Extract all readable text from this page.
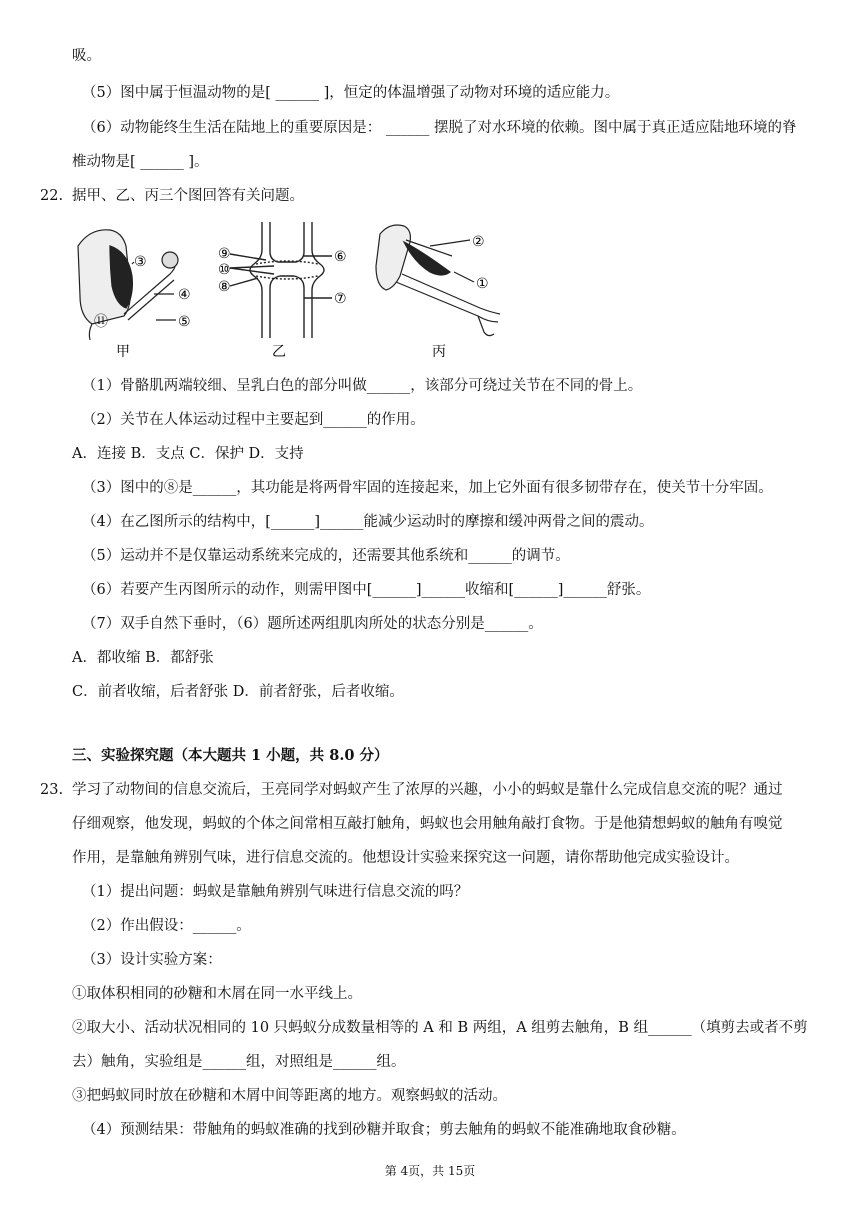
吸。
（5）图中属于恒温动物的是[ ______ ]，恒定的体温增强了动物对环境的适应能力。
（6）动物能终生生活在陆地上的重要原因是： ______ 摆脱了对水环境的依赖。图中属于真正适应陆地环境的脊
椎动物是[ ______ ]。
22. 据甲、乙、丙三个图回答有关问题。
③
④
⑤
⑪
甲
⑨
⑩
⑧
⑥
⑦
乙
②
①
丙
（1）骨骼肌两端较细、呈乳白色的部分叫做______，该部分可绕过关节在不同的骨上。
（2）关节在人体运动过程中主要起到______的作用。
A．连接 B．支点 C．保护 D．支持
（3）图中的⑧是______，其功能是将两骨牢固的连接起来，加上它外面有很多韧带存在，使关节十分牢固。
（4）在乙图所示的结构中，[______]______能减少运动时的摩擦和缓冲两骨之间的震动。
（5）运动并不是仅靠运动系统来完成的，还需要其他系统和______的调节。
（6）若要产生丙图所示的动作，则需甲图中[______]______收缩和[______]______舒张。
（7）双手自然下垂时，（6）题所述两组肌肉所处的状态分别是______。
A．都收缩 B．都舒张
C．前者收缩，后者舒张 D．前者舒张，后者收缩。
三、实验探究题（本大题共 1 小题，共 8.0 分）
23. 学习了动物间的信息交流后，王亮同学对蚂蚁产生了浓厚的兴趣，小小的蚂蚁是靠什么完成信息交流的呢？通过
仔细观察，他发现，蚂蚁的个体之间常相互敲打触角，蚂蚁也会用触角敲打食物。于是他猜想蚂蚁的触角有嗅觉
作用，是靠触角辨别气味，进行信息交流的。他想设计实验来探究这一问题，请你帮助他完成实验设计。
（1）提出问题：蚂蚁是靠触角辨别气味进行信息交流的吗？
（2）作出假设：______。
（3）设计实验方案：
①取体积相同的砂糖和木屑在同一水平线上。
②取大小、活动状况相同的 10 只蚂蚁分成数量相等的 A 和 B 两组，A 组剪去触角，B 组______（填剪去或者不剪
去）触角，实验组是______组，对照组是______组。
③把蚂蚁同时放在砂糖和木屑中间等距离的地方。观察蚂蚁的活动。
（4）预测结果：带触角的蚂蚁准确的找到砂糖并取食；剪去触角的蚂蚁不能准确地取食砂糖。
第 4页，共 15页
